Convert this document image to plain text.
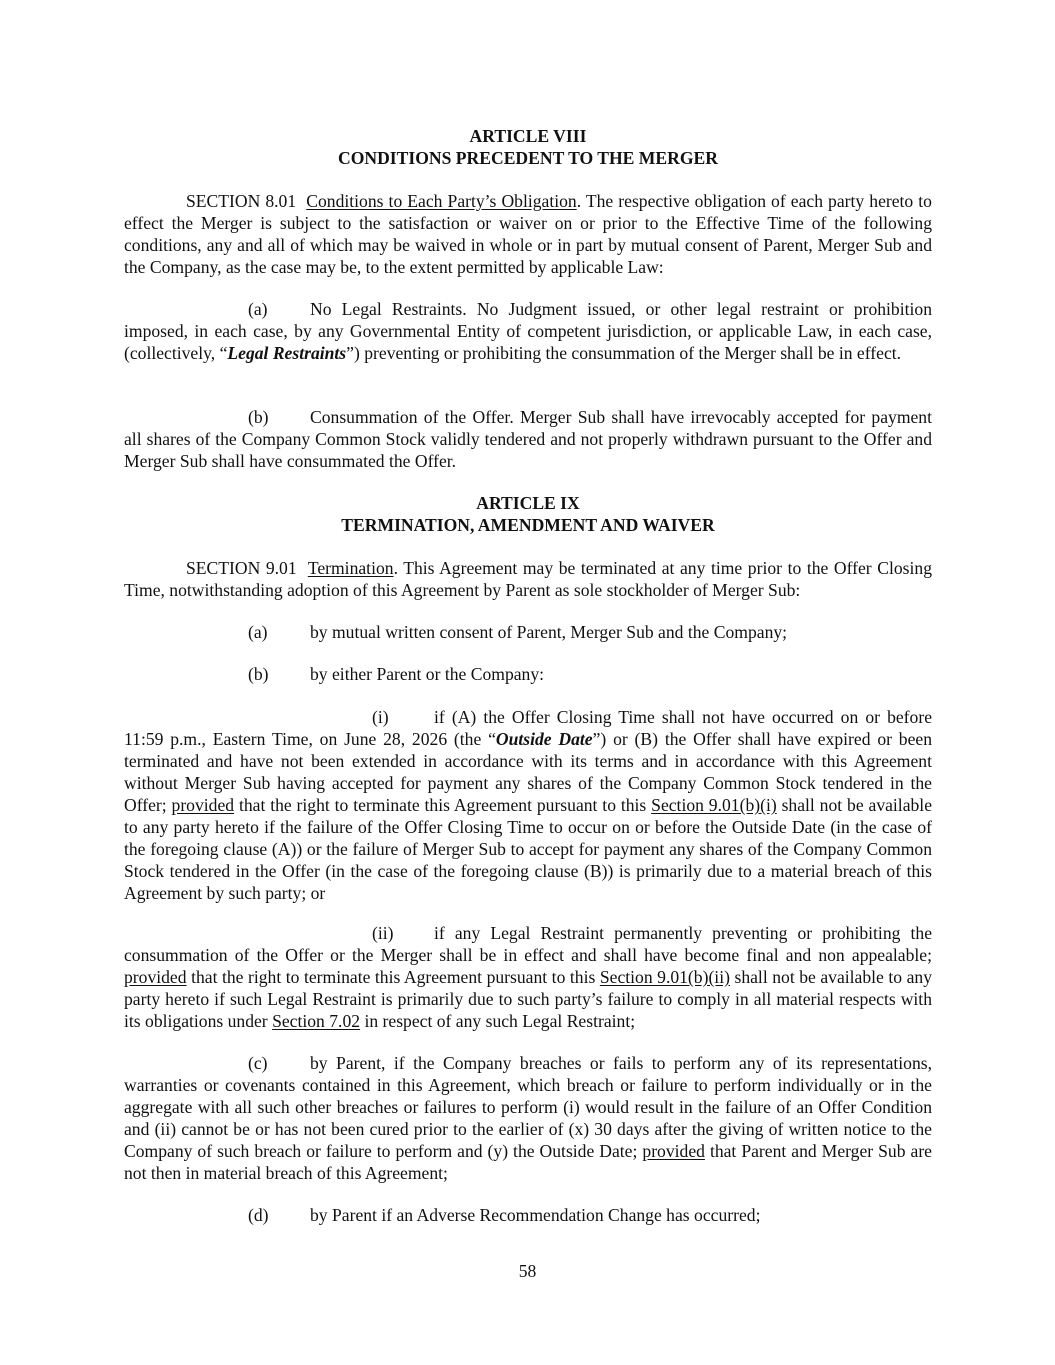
ARTICLE VIII
CONDITIONS PRECEDENT TO THE MERGER

SECTION 8.01 Conditions to Each Party’s Obligation. The respective obligation of each party hereto to effect the Merger is subject to the satisfaction or waiver on or prior to the Effective Time of the following conditions, any and all of which may be waived in whole or in part by mutual consent of Parent, Merger Sub and the Company, as the case may be, to the extent permitted by applicable Law:

(a) No Legal Restraints. No Judgment issued, or other legal restraint or prohibition imposed, in each case, by any Governmental Entity of competent jurisdiction, or applicable Law, in each case, (collectively, “Legal Restraints”) preventing or prohibiting the consummation of the Merger shall be in effect.

(b) Consummation of the Offer. Merger Sub shall have irrevocably accepted for payment all shares of the Company Common Stock validly tendered and not properly withdrawn pursuant to the Offer and Merger Sub shall have consummated the Offer.

ARTICLE IX
TERMINATION, AMENDMENT AND WAIVER

SECTION 9.01 Termination. This Agreement may be terminated at any time prior to the Offer Closing Time, notwithstanding adoption of this Agreement by Parent as sole stockholder of Merger Sub:

(a) by mutual written consent of Parent, Merger Sub and the Company;

(b) by either Parent or the Company:

(i)	if (A) the Offer Closing Time shall not have occurred on or before 11:59 p.m., Eastern Time, on June 28, 2026 (the “Outside Date”) or (B) the Offer shall have expired or been terminated and have not been extended in accordance with its terms and in accordance with this Agreement without Merger Sub having accepted for payment any shares of the Company Common Stock tendered in the Offer; provided that the right to terminate this Agreement pursuant to this Section 9.01(b)(i) shall not be available to any party hereto if the failure of the Offer Closing Time to occur on or before the Outside Date (in the case of the foregoing clause (A)) or the failure of Merger Sub to accept for payment any shares of the Company Common Stock tendered in the Offer (in the case of the foregoing clause (B)) is primarily due to a material breach of this Agreement by such party; or

(ii) if any Legal Restraint permanently preventing or prohibiting the consummation of the Offer or the Merger shall be in effect and shall have become final and non appealable; provided that the right to terminate this Agreement pursuant to this Section 9.01(b)(ii) shall not be available to any party hereto if such Legal Restraint is primarily due to such party’s failure to comply in all material respects with its obligations under Section 7.02 in respect of any such Legal Restraint;

(c) by Parent, if the Company breaches or fails to perform any of its representations, warranties or covenants contained in this Agreement, which breach or failure to perform individually or in the aggregate with all such other breaches or failures to perform (i) would result in the failure of an Offer Condition and (ii) cannot be or has not been cured prior to the earlier of (x) 30 days after the giving of written notice to the Company of such breach or failure to perform and (y) the Outside Date; provided that Parent and Merger Sub are not then in material breach of this Agreement;

(d) by Parent if an Adverse Recommendation Change has occurred;

58
